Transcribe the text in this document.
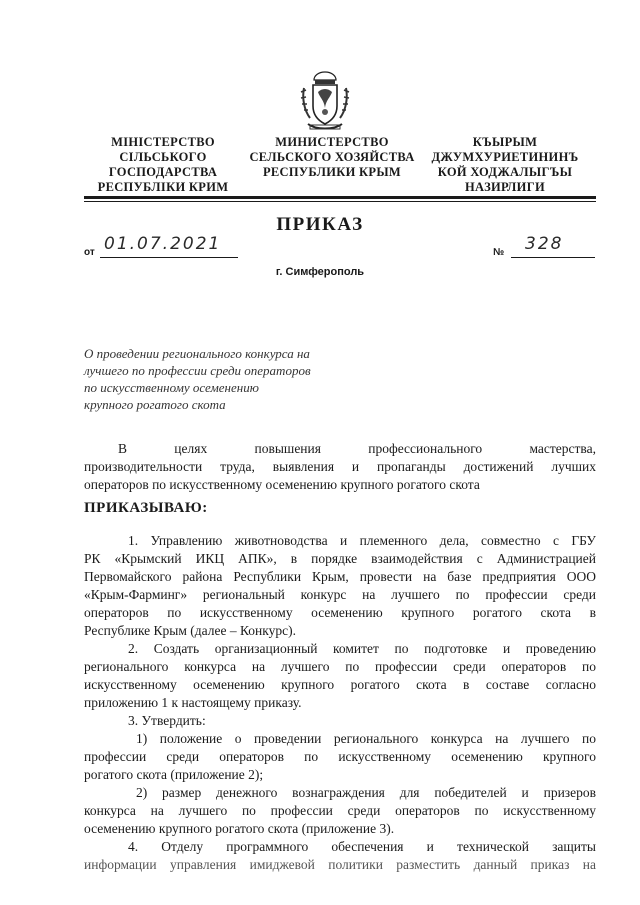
МІНІСТЕРСТВО
СІЛЬСЬКОГО
ГОСПОДАРСТВА
РЕСПУБЛІКИ КРИМ
МИНИСТЕРСТВО
СЕЛЬСКОГО ХОЗЯЙСТВА
РЕСПУБЛИКИ КРЫМ
КЪЫРЫМ
ДЖУМХУРИЕТИНИНЪ
КОЙ ХОДЖАЛЫГЪЫ
НАЗИРЛИГИ
ПРИКАЗ
от 01.07.2021	№	328
г. Симферополь
О проведении регионального конкурса на
лучшего по профессии среди операторов
по искусственному осеменению
крупного рогатого скота
В целях повышения профессионального мастерства,
производительности труда, выявления и пропаганды достижений лучших
операторов по искусственному осеменению крупного рогатого скота
ПРИКАЗЫВАЮ:
1. Управлению животноводства и племенного дела, совместно с ГБУ
РК «Крымский ИКЦ АПК», в порядке взаимодействия с Администрацией
Первомайского района Республики Крым, провести на базе предприятия ООО
«Крым-Фарминг» региональный конкурс на лучшего по профессии среди
операторов по искусственному осеменению крупного рогатого скота в
Республике Крым (далее – Конкурс).
2. Создать организационный комитет по подготовке и проведению
регионального конкурса на лучшего по профессии среди операторов по
искусственному осеменению крупного рогатого скота в составе согласно
приложению 1 к настоящему приказу.
3. Утвердить:
1) положение о проведении регионального конкурса на лучшего по
профессии среди операторов по искусственному осеменению крупного
рогатого скота (приложение 2);
2) размер денежного вознаграждения для победителей и призеров
конкурса на лучшего по профессии среди операторов по искусственному
осеменению крупного рогатого скота (приложение 3).
4. Отделу программного обеспечения и технической защиты
информации управления имиджевой политики разместить данный приказ на
